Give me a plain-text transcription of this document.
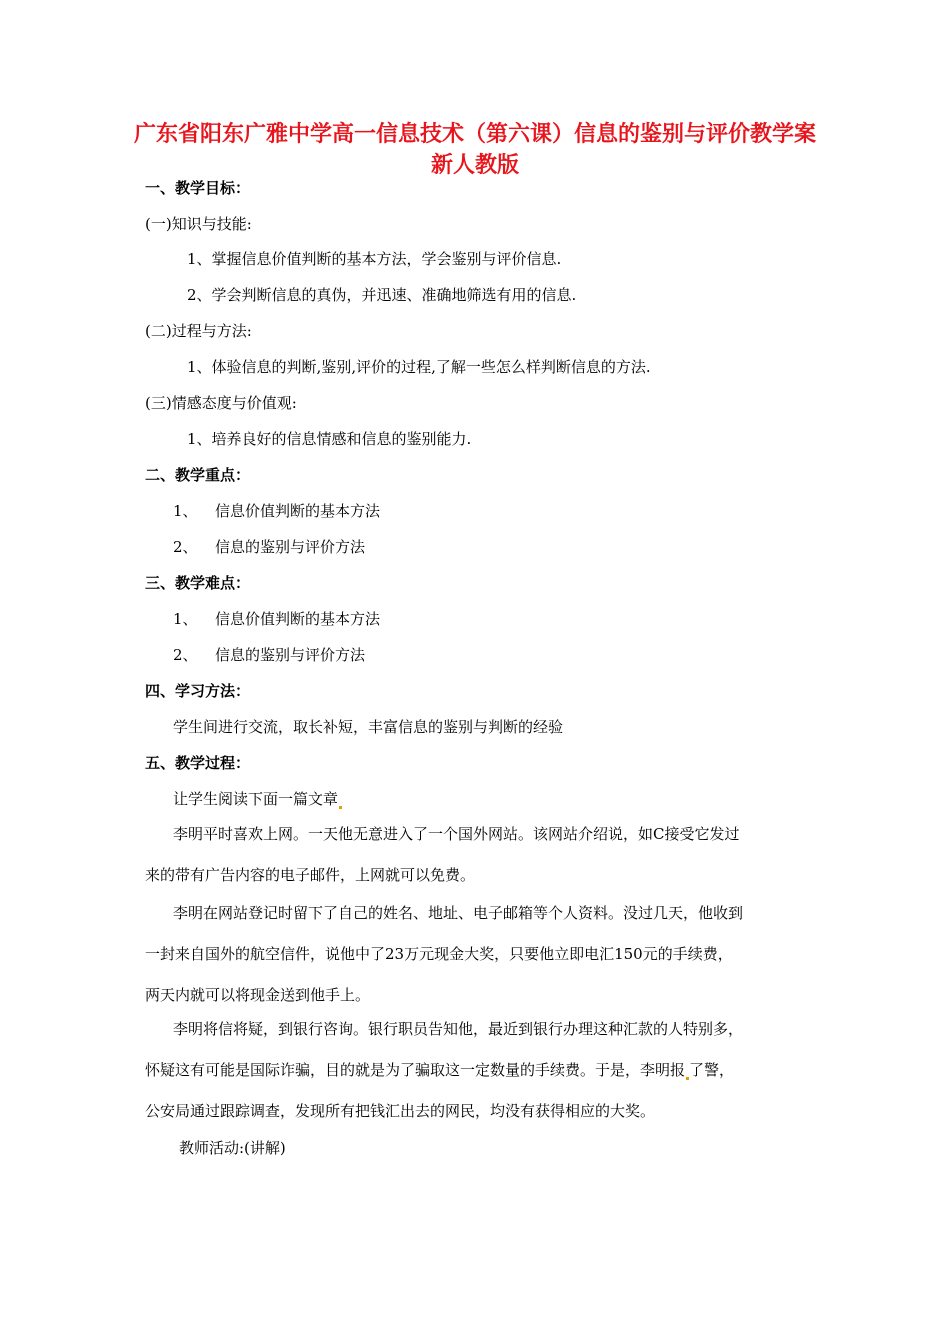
广东省阳东广雅中学高一信息技术（第六课）信息的鉴别与评价教学案 新人教版
一、教学目标：
(一)知识与技能:
1、掌握信息价值判断的基本方法，学会鉴别与评价信息.
2、学会判断信息的真伪，并迅速、准确地筛选有用的信息.
(二)过程与方法:
1、体验信息的判断,鉴别,评价的过程,了解一些怎么样判断信息的方法.
(三)情感态度与价值观:
1、培养良好的信息情感和信息的鉴别能力.
二、教学重点：
1、 信息价值判断的基本方法
2、 信息的鉴别与评价方法
三、教学难点：
1、 信息价值判断的基本方法
2、 信息的鉴别与评价方法
四、学习方法：
学生间进行交流，取长补短，丰富信息的鉴别与判断的经验
五、教学过程：
让学生阅读下面一篇文章
李明平时喜欢上网。一天他无意进入了一个国外网站。该网站介绍说，如C接受它发过
来的带有广告内容的电子邮件，上网就可以免费。
李明在网站登记时留下了自己的姓名、地址、电子邮箱等个人资料。没过几天，他收到
一封来自国外的航空信件，说他中了23万元现金大奖，只要他立即电汇150元的手续费，
两天内就可以将现金送到他手上。
李明将信将疑，到银行咨询。银行职员告知他，最近到银行办理这种汇款的人特别多，
怀疑这有可能是国际诈骗，目的就是为了骗取这一定数量的手续费。于是，李明报 了警，
公安局通过跟踪调查，发现所有把钱汇出去的网民，均没有获得相应的大奖。
教师活动:(讲解)
